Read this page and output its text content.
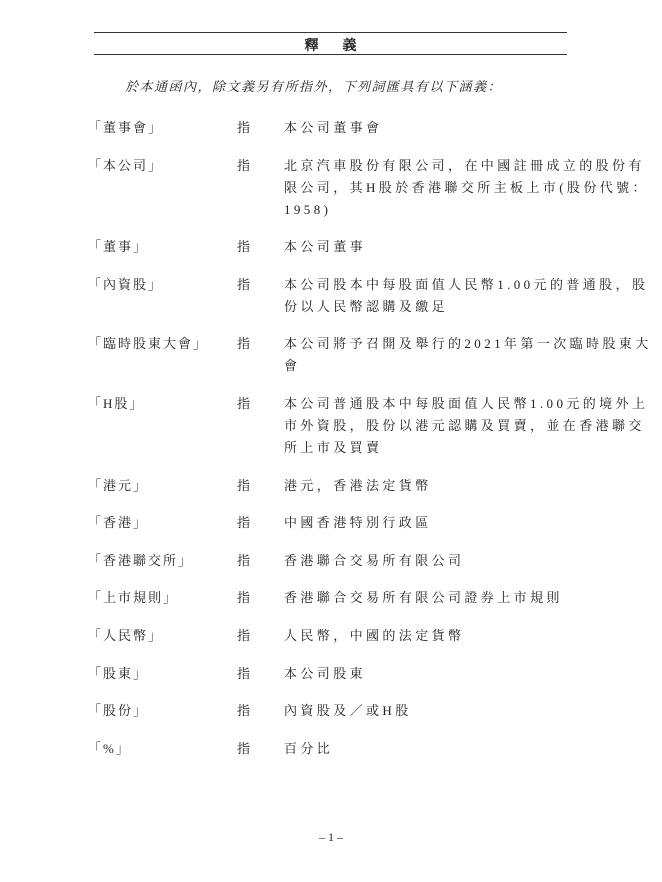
釋義
於本通函內，除文義另有所指外，下列詞匯具有以下涵義：
「董事會」	指	本公司董事會
「本公司」	指	北京汽車股份有限公司，在中國註冊成立的股份有
限公司，其H股於香港聯交所主板上市(股份代號：
1958)
「董事」	指	本公司董事
「內資股」	指	本公司股本中每股面值人民幣1.00元的普通股，股
份以人民幣認購及繳足
「臨時股東大會」 指	本公司將予召開及舉行的2021年第一次臨時股東大
會
「H股」	指	本公司普通股本中每股面值人民幣1.00元的境外上
市外資股，股份以港元認購及買賣，並在香港聯交
所上市及買賣
「港元」	指	港元，香港法定貨幣
「香港」	指	中國香港特別行政區
「香港聯交所」	指	香港聯合交易所有限公司
「上市規則」	指	香港聯合交易所有限公司證券上市規則
「人民幣」	指	人民幣，中國的法定貨幣
「股東」	指	本公司股東
「股份」	指	內資股及／或H股
「%」	指	百分比
– 1 –
